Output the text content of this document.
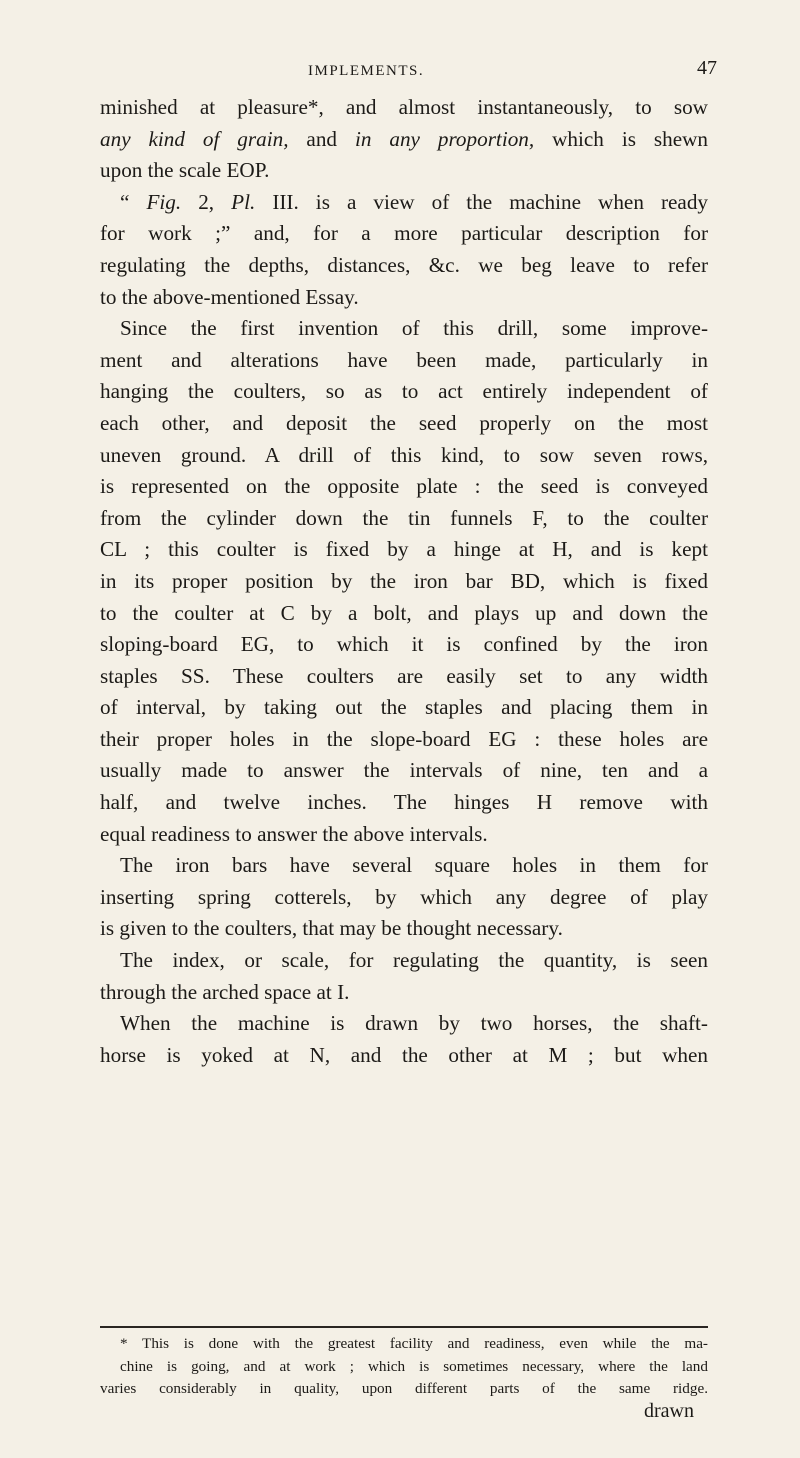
IMPLEMENTS.	47

minished at pleasure*, and almost instantaneously, to sow

any kind of grain, and in any proportion, which is shewn

upon the scale EOP.

“ Fig. 2, Pl. III. is a view of the machine when ready

for work ;” and, for a more particular description for

regulating the depths, distances, &c. we beg leave to refer

to the above-mentioned Essay.

Since the first invention of this drill, some improve-

ment and alterations have been made, particularly in

hanging the coulters, so as to act entirely independent of

each other, and deposit the seed properly on the most

uneven ground. A drill of this kind, to sow seven rows,

is represented on the opposite plate : the seed is conveyed

from the cylinder down the tin funnels F, to the coulter

CL ; this coulter is fixed by a hinge at H, and is kept

in its proper position by the iron bar BD, which is fixed

to the coulter at C by a bolt, and plays up and down the

sloping-board EG, to which it is confined by the iron

staples SS. These coulters are easily set to any width

of interval, by taking out the staples and placing them in

their proper holes in the slope-board EG : these holes are

usually made to answer the intervals of nine, ten and a

half, and twelve inches. The hinges H remove with

equal readiness to answer the above intervals.

The iron bars have several square holes in them for

inserting spring cotterels, by which any degree of play

is given to the coulters, that may be thought necessary.

The index, or scale, for regulating the quantity, is seen

through the arched space at I.

When the machine is drawn by two horses, the shaft-

horse is yoked at N, and the other at M ; but when

* This is done with the greatest facility and readiness, even while the ma-

chine is going, and at work ; which is sometimes necessary, where the land

varies considerably in quality, upon different parts of the same ridge.

drawn
